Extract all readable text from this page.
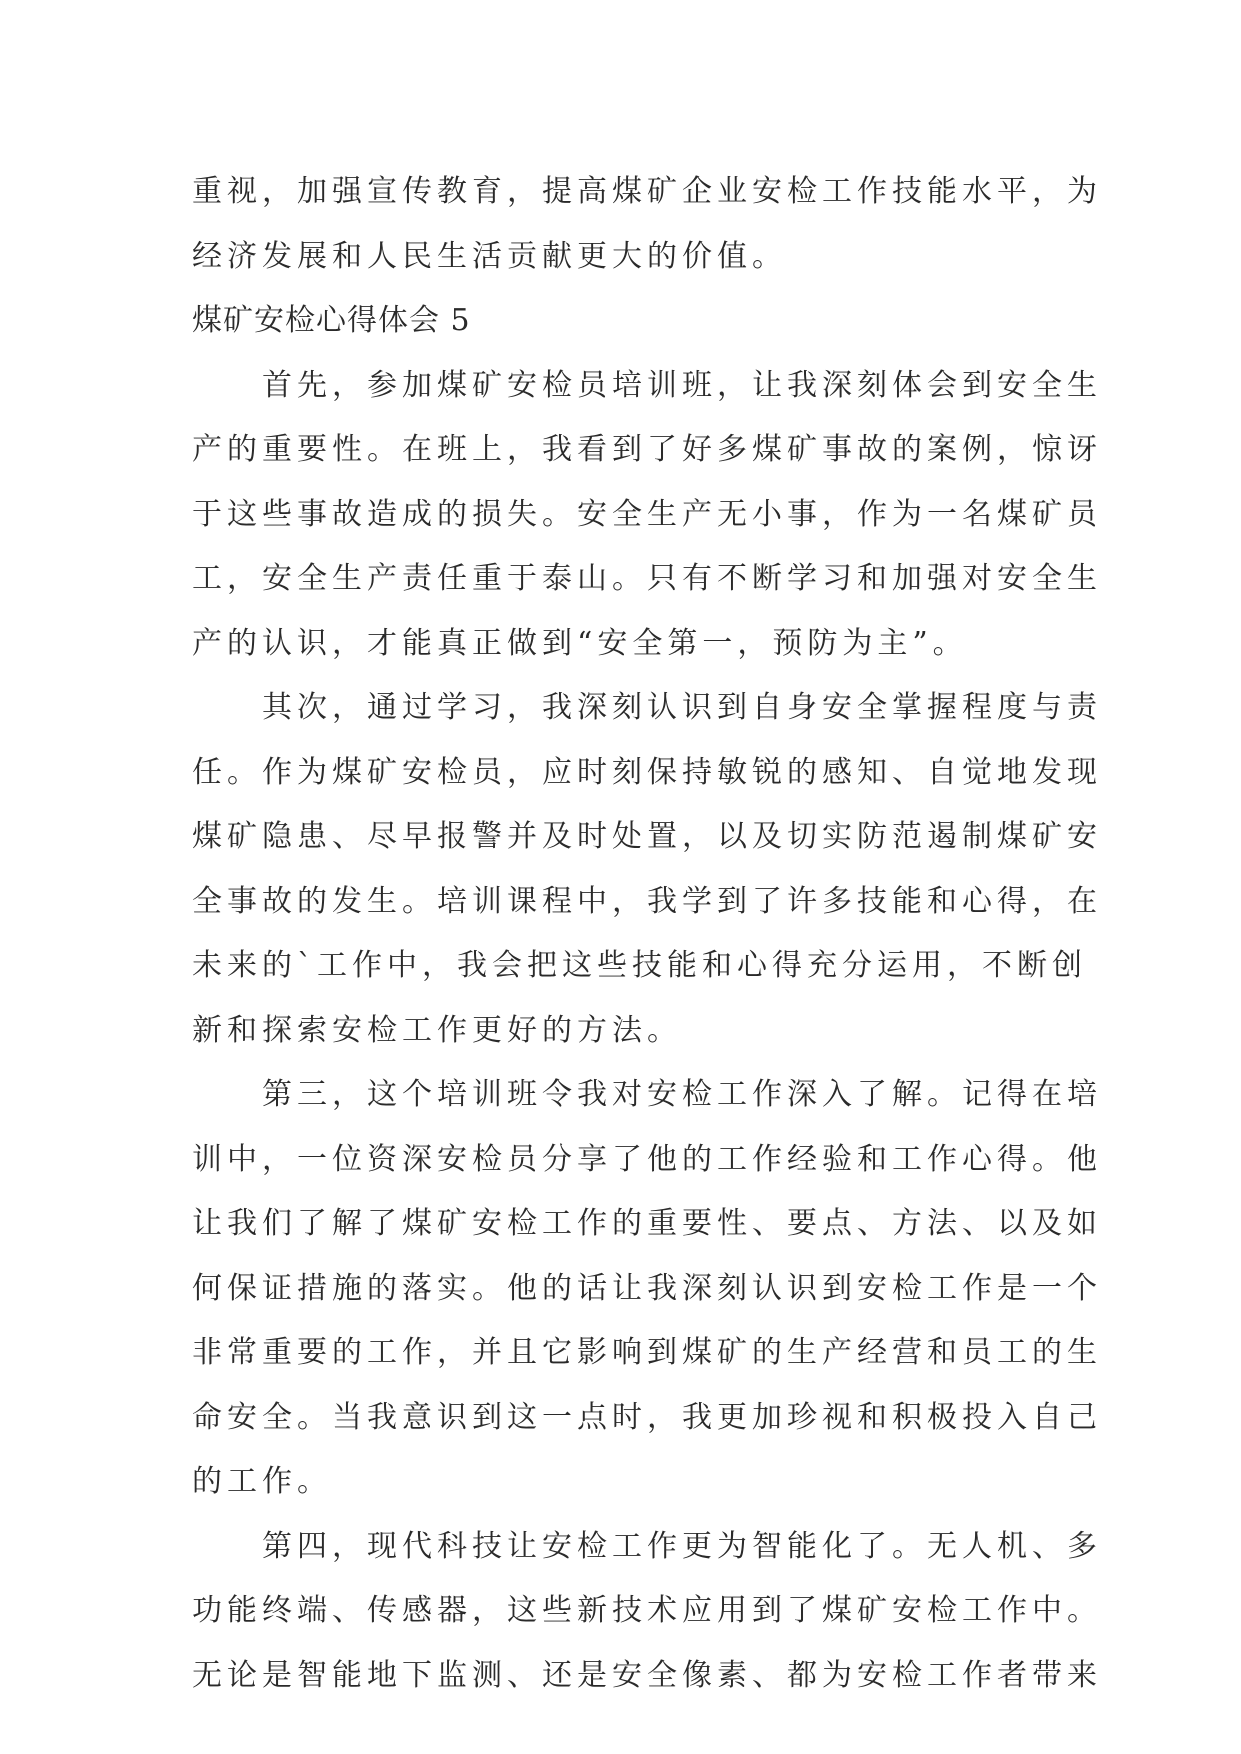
重视，加强宣传教育，提高煤矿企业安检工作技能水平，为
经济发展和人民生活贡献更大的价值。
煤矿安检心得体会 5
首先，参加煤矿安检员培训班，让我深刻体会到安全生
产的重要性。在班上，我看到了好多煤矿事故的案例，惊讶
于这些事故造成的损失。安全生产无小事，作为一名煤矿员
工，安全生产责任重于泰山。只有不断学习和加强对安全生
产的认识，才能真正做到“安全第一，预防为主”。
其次，通过学习，我深刻认识到自身安全掌握程度与责
任。作为煤矿安检员，应时刻保持敏锐的感知、自觉地发现
煤矿隐患、尽早报警并及时处置，以及切实防范遏制煤矿安
全事故的发生。培训课程中，我学到了许多技能和心得，在
未来的`工作中，我会把这些技能和心得充分运用，不断创
新和探索安检工作更好的方法。
第三，这个培训班令我对安检工作深入了解。记得在培
训中，一位资深安检员分享了他的工作经验和工作心得。他
让我们了解了煤矿安检工作的重要性、要点、方法、以及如
何保证措施的落实。他的话让我深刻认识到安检工作是一个
非常重要的工作，并且它影响到煤矿的生产经营和员工的生
命安全。当我意识到这一点时，我更加珍视和积极投入自己
的工作。
第四，现代科技让安检工作更为智能化了。无人机、多
功能终端、传感器，这些新技术应用到了煤矿安检工作中。
无论是智能地下监测、还是安全像素、都为安检工作者带来
